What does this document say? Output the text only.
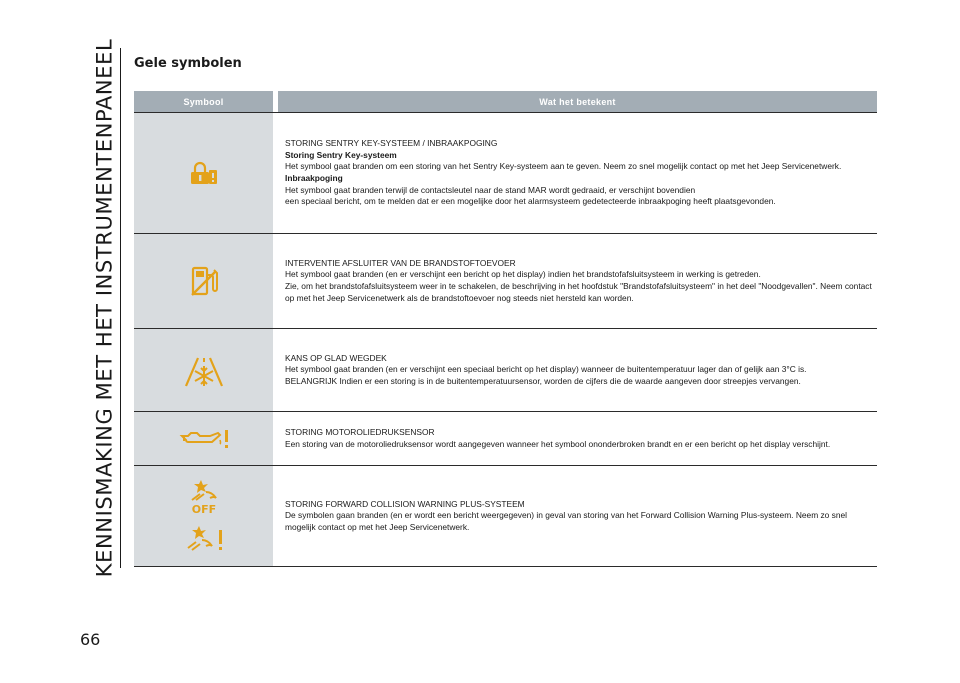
KENNISMAKING MET HET INSTRUMENTENPANEEL
66
Gele symbolen
Symbool	Wat het betekent

STORING SENTRY KEY-SYSTEEM / INBRAAKPOGING

Storing Sentry Key-systeem

Het symbool gaat branden om een storing van het Sentry Key-systeem aan te geven. Neem zo snel mogelijk contact op met het Jeep Servicenetwerk.

Inbraakpoging

Het symbool gaat branden terwijl de contactsleutel naar de stand MAR wordt gedraaid, er verschijnt bovendien

een speciaal bericht, om te melden dat er een mogelijke door het alarmsysteem gedetecteerde inbraakpoging heeft plaatsgevonden.

INTERVENTIE AFSLUITER VAN DE BRANDSTOFTOEVOER

Het symbool gaat branden (en er verschijnt een bericht op het display) indien het brandstofafsluitsysteem in werking is getreden.

Zie, om het brandstofafsluitsysteem weer in te schakelen, de beschrijving in het hoofdstuk "Brandstofafsluitsysteem" in het deel "Noodgevallen". Neem contact op met het Jeep Servicenetwerk als de brandstoftoevoer nog steeds niet hersteld kan worden.

KANS OP GLAD WEGDEK

Het symbool gaat branden (en er verschijnt een speciaal bericht op het display) wanneer de buitentemperatuur lager dan of gelijk aan 3°C is.

BELANGRIJK Indien er een storing is in de buitentemperatuursensor, worden de cijfers die de waarde aangeven door streepjes vervangen.

STORING MOTOROLIEDRUKSENSOR

Een storing van de motoroliedruksensor wordt aangegeven wanneer het symbool ononderbroken brandt en er een bericht op het display verschijnt.

OFF	STORING FORWARD COLLISION WARNING PLUS-SYSTEEM

De symbolen gaan branden (en er wordt een bericht weergegeven) in geval van storing van het Forward Collision Warning Plus-systeem. Neem zo snel mogelijk contact op met het Jeep Servicenetwerk.
